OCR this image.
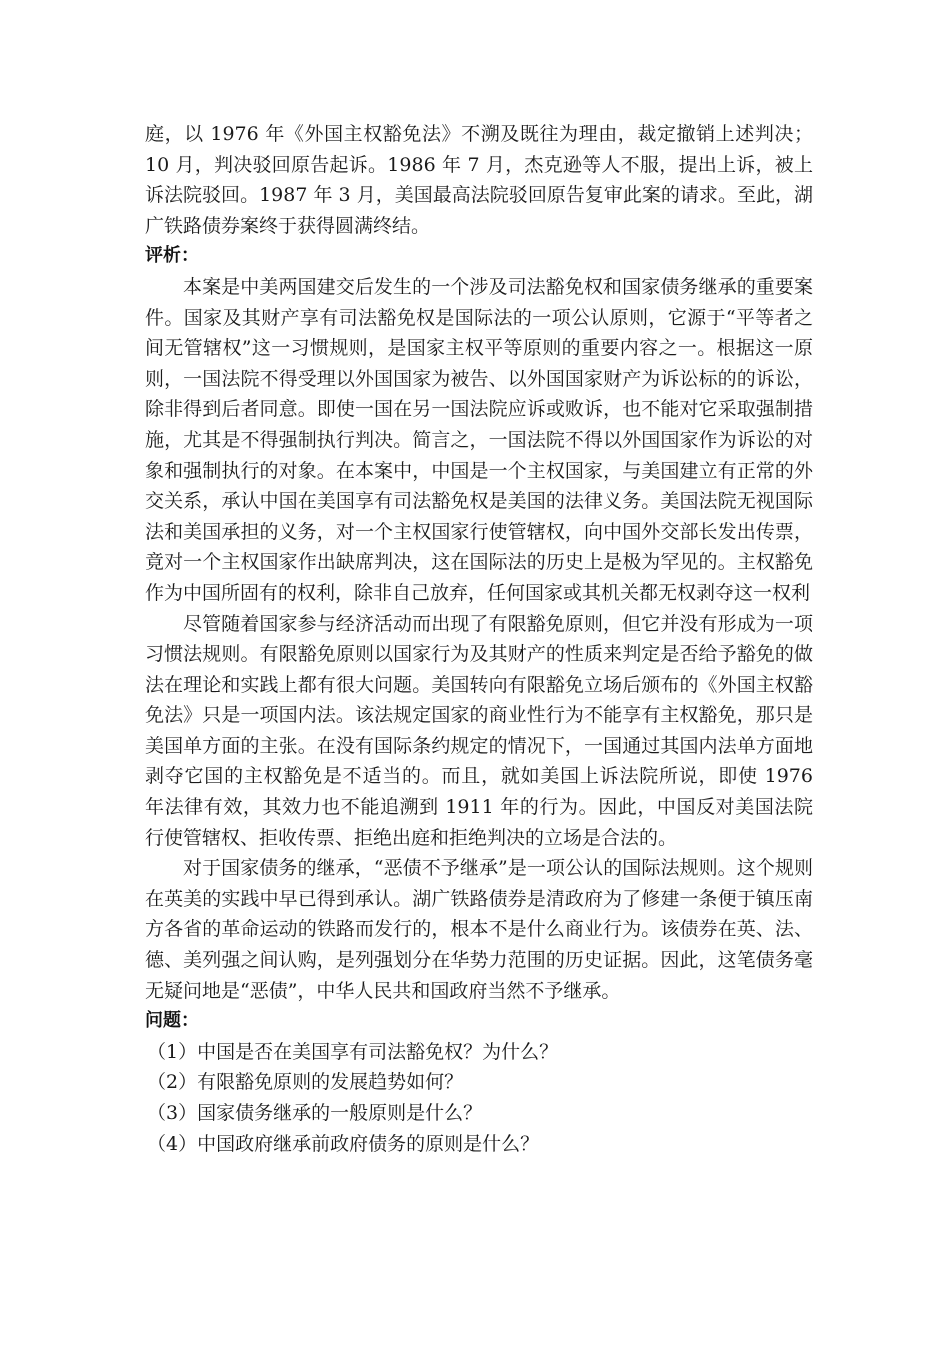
庭，以 1976 年《外国主权豁免法》不溯及既往为理由，裁定撤销上述判决；10 月，判决驳回原告起诉。1986 年 7 月，杰克逊等人不服，提出上诉，被上诉法院驳回。1987 年 3 月，美国最高法院驳回原告复审此案的请求。至此，湖广铁路债券案终于获得圆满终结。

评析：

本案是中美两国建交后发生的一个涉及司法豁免权和国家债务继承的重要案件。国家及其财产享有司法豁免权是国际法的一项公认原则，它源于“平等者之间无管辖权”这一习惯规则，是国家主权平等原则的重要内容之一。根据这一原则，一国法院不得受理以外国国家为被告、以外国国家财产为诉讼标的的诉讼，除非得到后者同意。即使一国在另一国法院应诉或败诉，也不能对它采取强制措施，尤其是不得强制执行判决。简言之，一国法院不得以外国国家作为诉讼的对象和强制执行的对象。在本案中，中国是一个主权国家，与美国建立有正常的外交关系，承认中国在美国享有司法豁免权是美国的法律义务。美国法院无视国际法和美国承担的义务，对一个主权国家行使管辖权，向中国外交部长发出传票，竟对一个主权国家作出缺席判决，这在国际法的历史上是极为罕见的。主权豁免作为中国所固有的权利，除非自己放弃，任何国家或其机关都无权剥夺这一权利

尽管随着国家参与经济活动而出现了有限豁免原则，但它并没有形成为一项习惯法规则。有限豁免原则以国家行为及其财产的性质来判定是否给予豁免的做法在理论和实践上都有很大问题。美国转向有限豁免立场后颁布的《外国主权豁免法》只是一项国内法。该法规定国家的商业性行为不能享有主权豁免，那只是美国单方面的主张。在没有国际条约规定的情况下，一国通过其国内法单方面地剥夺它国的主权豁免是不适当的。而且，就如美国上诉法院所说，即使 1976 年法律有效，其效力也不能追溯到 1911 年的行为。因此，中国反对美国法院行使管辖权、拒收传票、拒绝出庭和拒绝判决的立场是合法的。

对于国家债务的继承，“恶债不予继承”是一项公认的国际法规则。这个规则在英美的实践中早已得到承认。湖广铁路债券是清政府为了修建一条便于镇压南方各省的革命运动的铁路而发行的，根本不是什么商业行为。该债券在英、法、德、美列强之间认购，是列强划分在华势力范围的历史证据。因此，这笔债务毫无疑问地是“恶债”，中华人民共和国政府当然不予继承。

问题：

（1）中国是否在美国享有司法豁免权？为什么？
（2）有限豁免原则的发展趋势如何？
（3）国家债务继承的一般原则是什么？
（4）中国政府继承前政府债务的原则是什么？
